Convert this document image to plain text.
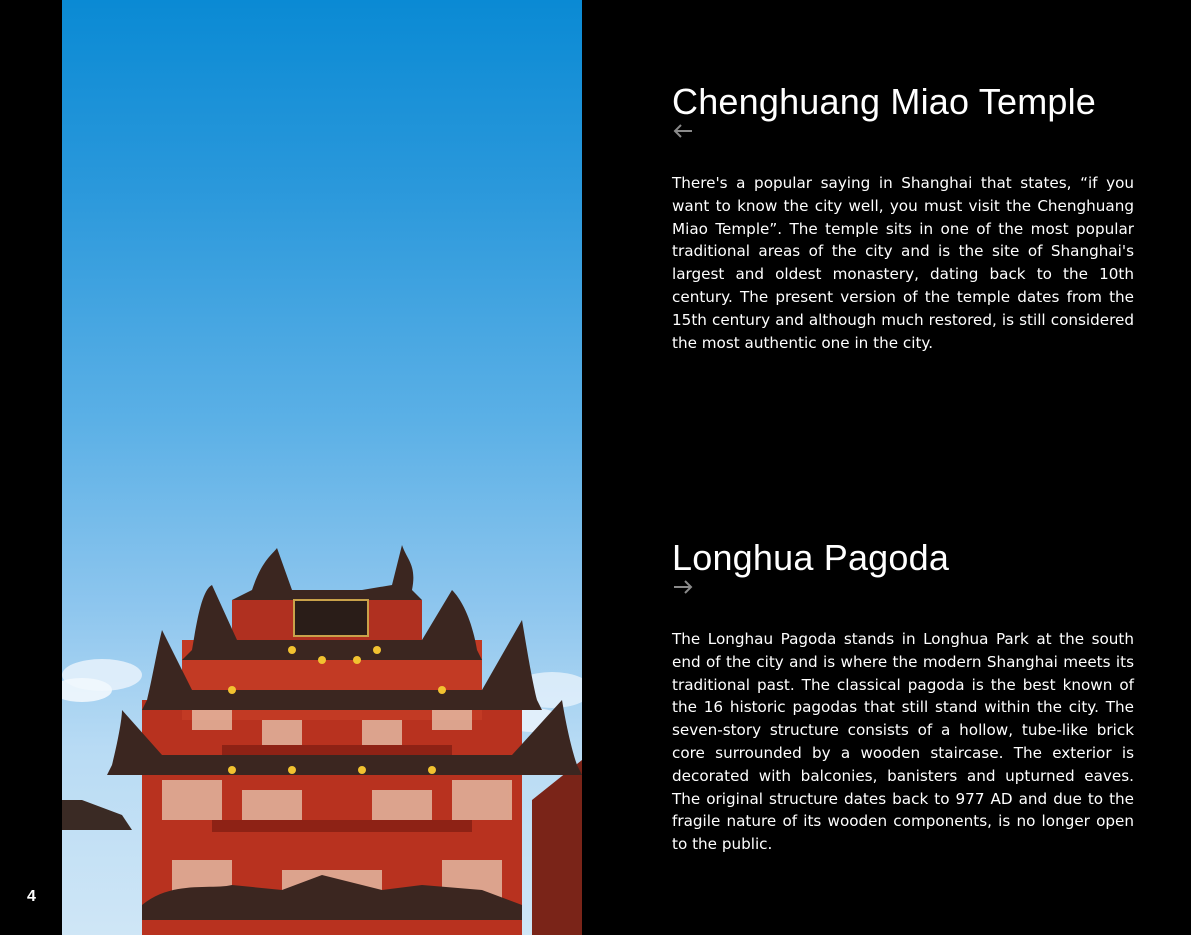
4
Chenghuang Miao Temple

There's a popular saying in Shanghai that states, “if you want to know the city well, you must visit the Chenghuang Miao Temple”. The temple sits in one of the most popular traditional areas of the city and is the site of Shanghai's largest and oldest monastery, dating back to the 10th century. The present version of the temple dates from the 15th century and although much restored, is still considered the most authentic one in the city.

Longhua Pagoda

The Longhau Pagoda stands in Longhua Park at the south end of the city and is where the modern Shanghai meets its traditional past. The classical pagoda is the best known of the 16 historic pagodas that still stand within the city. The seven-story structure consists of a hollow, tube-like brick core surrounded by a wooden staircase. The exterior is decorated with balconies, banisters and upturned eaves. The original structure dates back to 977 AD and due to the fragile nature of its wooden components, is no longer open to the public.
